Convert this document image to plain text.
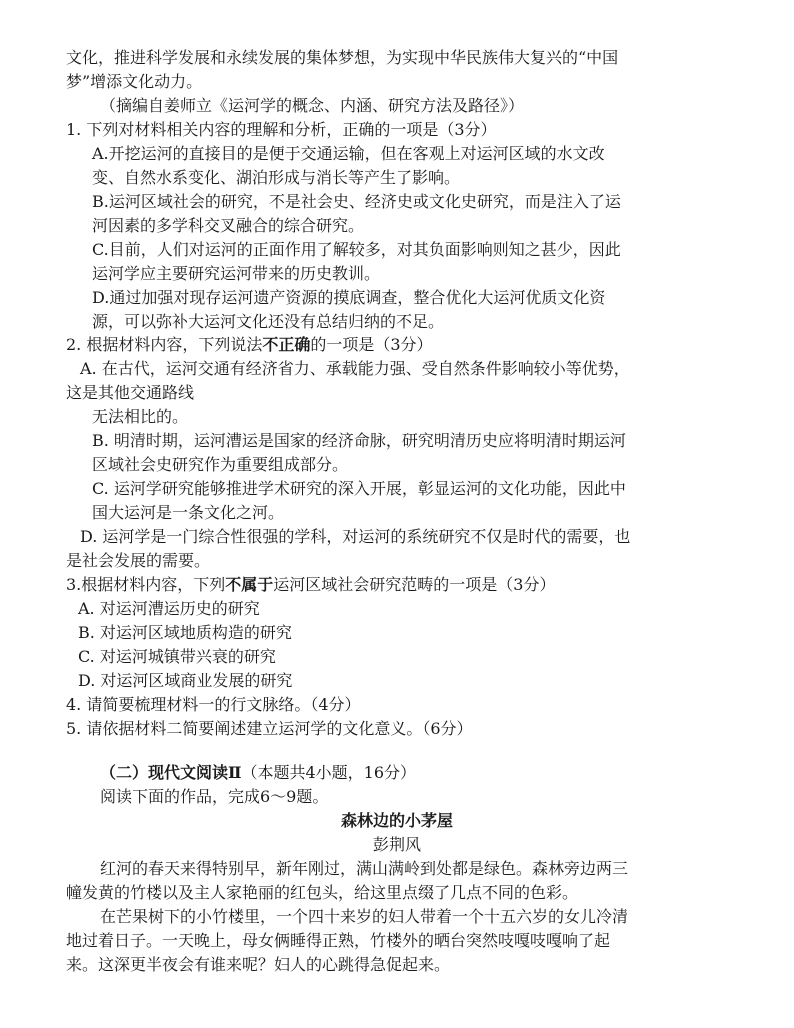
文化，推进科学发展和永续发展的集体梦想，为实现中华民族伟大复兴的“中国
梦”增添文化动力。
（摘编自姜师立《运河学的概念、内涵、研究方法及路径》）
1. 下列对材料相关内容的理解和分析，正确的一项是（3分）
A.开挖运河的直接目的是便于交通运输，但在客观上对运河区域的水文改
变、自然水系变化、湖泊形成与消长等产生了影响。
B.运河区域社会的研究，不是社会史、经济史或文化史研究，而是注入了运
河因素的多学科交叉融合的综合研究。
C.目前，人们对运河的正面作用了解较多，对其负面影响则知之甚少，因此
运河学应主要研究运河带来的历史教训。
D.通过加强对现存运河遗产资源的摸底调查，整合优化大运河优质文化资
源，可以弥补大运河文化还没有总结归纳的不足。
2. 根据材料内容，下列说法不正确的一项是（3分）
A. 在古代，运河交通有经济省力、承载能力强、受自然条件影响较小等优势，
这是其他交通路线
无法相比的。
B. 明清时期，运河漕运是国家的经济命脉，研究明清历史应将明清时期运河
区域社会史研究作为重要组成部分。
C. 运河学研究能够推进学术研究的深入开展，彰显运河的文化功能，因此中
国大运河是一条文化之河。
D. 运河学是一门综合性很强的学科，对运河的系统研究不仅是时代的需要，也
是社会发展的需要。
3.根据材料内容，下列不属于运河区域社会研究范畴的一项是（3分）
A. 对运河漕运历史的研究
B. 对运河区域地质构造的研究
C. 对运河城镇带兴衰的研究
D. 对运河区域商业发展的研究
4. 请简要梳理材料一的行文脉络。（4分）
5. 请依据材料二简要阐述建立运河学的文化意义。（6分）
（二）现代文阅读Ⅱ（本题共4小题，16分）
阅读下面的作品，完成6～9题。
森林边的小茅屋
彭荆风
红河的春天来得特别早，新年刚过，满山满岭到处都是绿色。森林旁边两三
幢发黄的竹楼以及主人家艳丽的红包头，给这里点缀了几点不同的色彩。
在芒果树下的小竹楼里，一个四十来岁的妇人带着一个十五六岁的女儿冷清
地过着日子。一天晚上，母女俩睡得正熟，竹楼外的晒台突然吱嘎吱嘎响了起
来。这深更半夜会有谁来呢？妇人的心跳得急促起来。
